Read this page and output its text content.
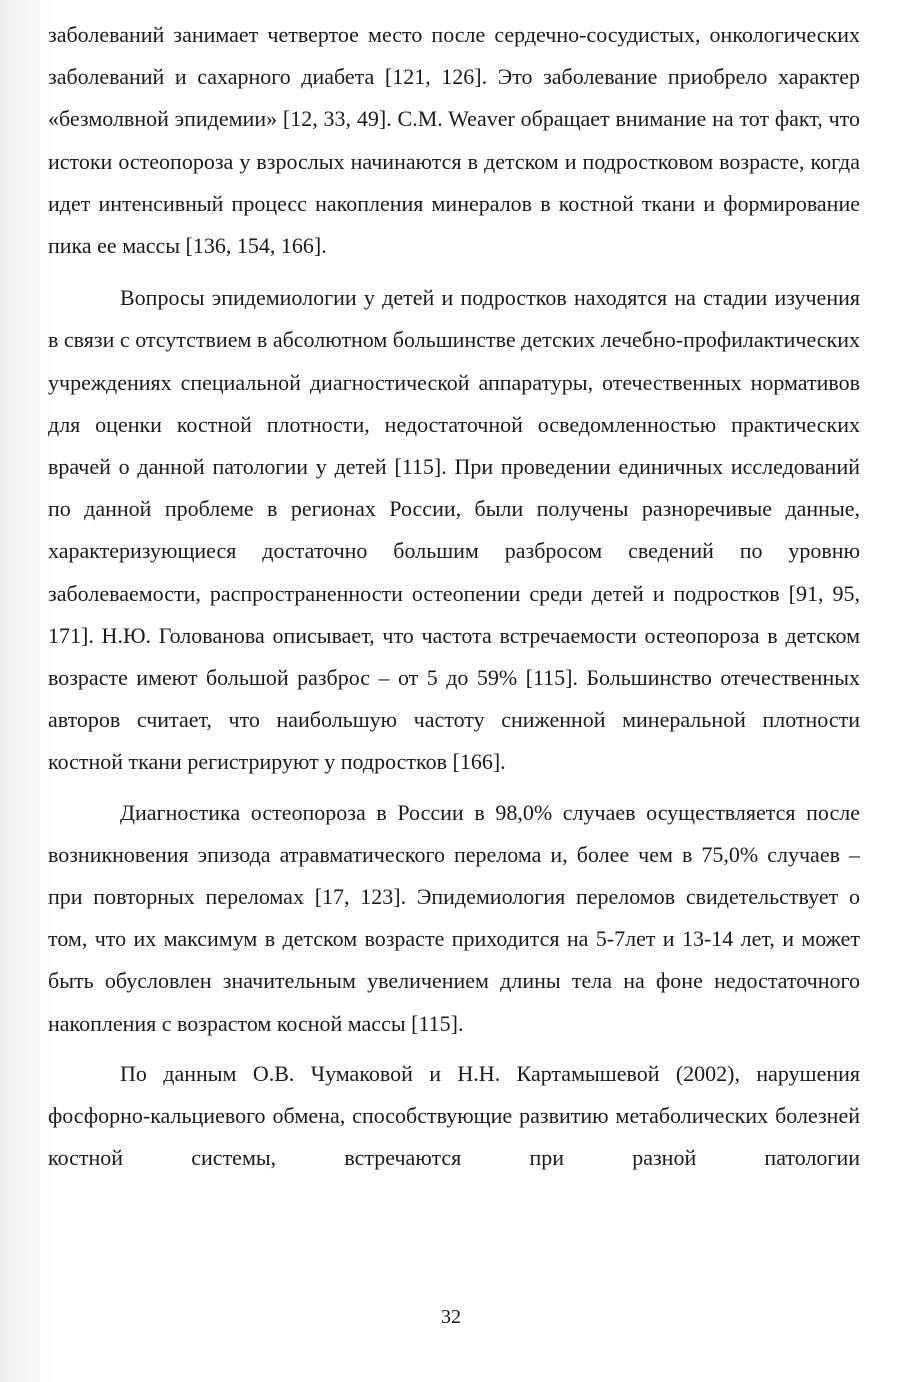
заболеваний занимает четвертое место после сердечно-сосудистых, онкологических заболеваний и сахарного диабета [121, 126]. Это заболевание приобрело характер «безмолвной эпидемии» [12, 33, 49]. C.M. Weaver обращает внимание на тот факт, что истоки остеопороза у взрослых начинаются в детском и подростковом возрасте, когда идет интенсивный процесс накопления минералов в костной ткани и формирование пика ее массы [136, 154, 166].

Вопросы эпидемиологии у детей и подростков находятся на стадии изучения в связи с отсутствием в абсолютном большинстве детских лечебно-профилактических учреждениях специальной диагностической аппаратуры, отечественных нормативов для оценки костной плотности, недостаточной осведомленностью практических врачей о данной патологии у детей [115]. При проведении единичных исследований по данной проблеме в регионах России, были получены разноречивые данные, характеризующиеся достаточно большим разбросом сведений по уровню заболеваемости, распространенности остеопении среди детей и подростков [91, 95, 171]. Н.Ю. Голованова описывает, что частота встречаемости остеопороза в детском возрасте имеют большой разброс – от 5 до 59% [115]. Большинство отечественных авторов считает, что наибольшую частоту сниженной минеральной плотности костной ткани регистрируют у подростков [166].

Диагностика остеопороза в России в 98,0% случаев осуществляется после возникновения эпизода атравматического перелома и, более чем в 75,0% случаев – при повторных переломах [17, 123]. Эпидемиология переломов свидетельствует о том, что их максимум в детском возрасте приходится на 5-7лет и 13-14 лет, и может быть обусловлен значительным увеличением длины тела на фоне недостаточного накопления с возрастом косной массы [115].

По данным О.В. Чумаковой и Н.Н. Картамышевой (2002), нарушения фосфорно-кальциевого обмена, способствующие развитию метаболических болезней костной системы, встречаются при разной патологии

32
